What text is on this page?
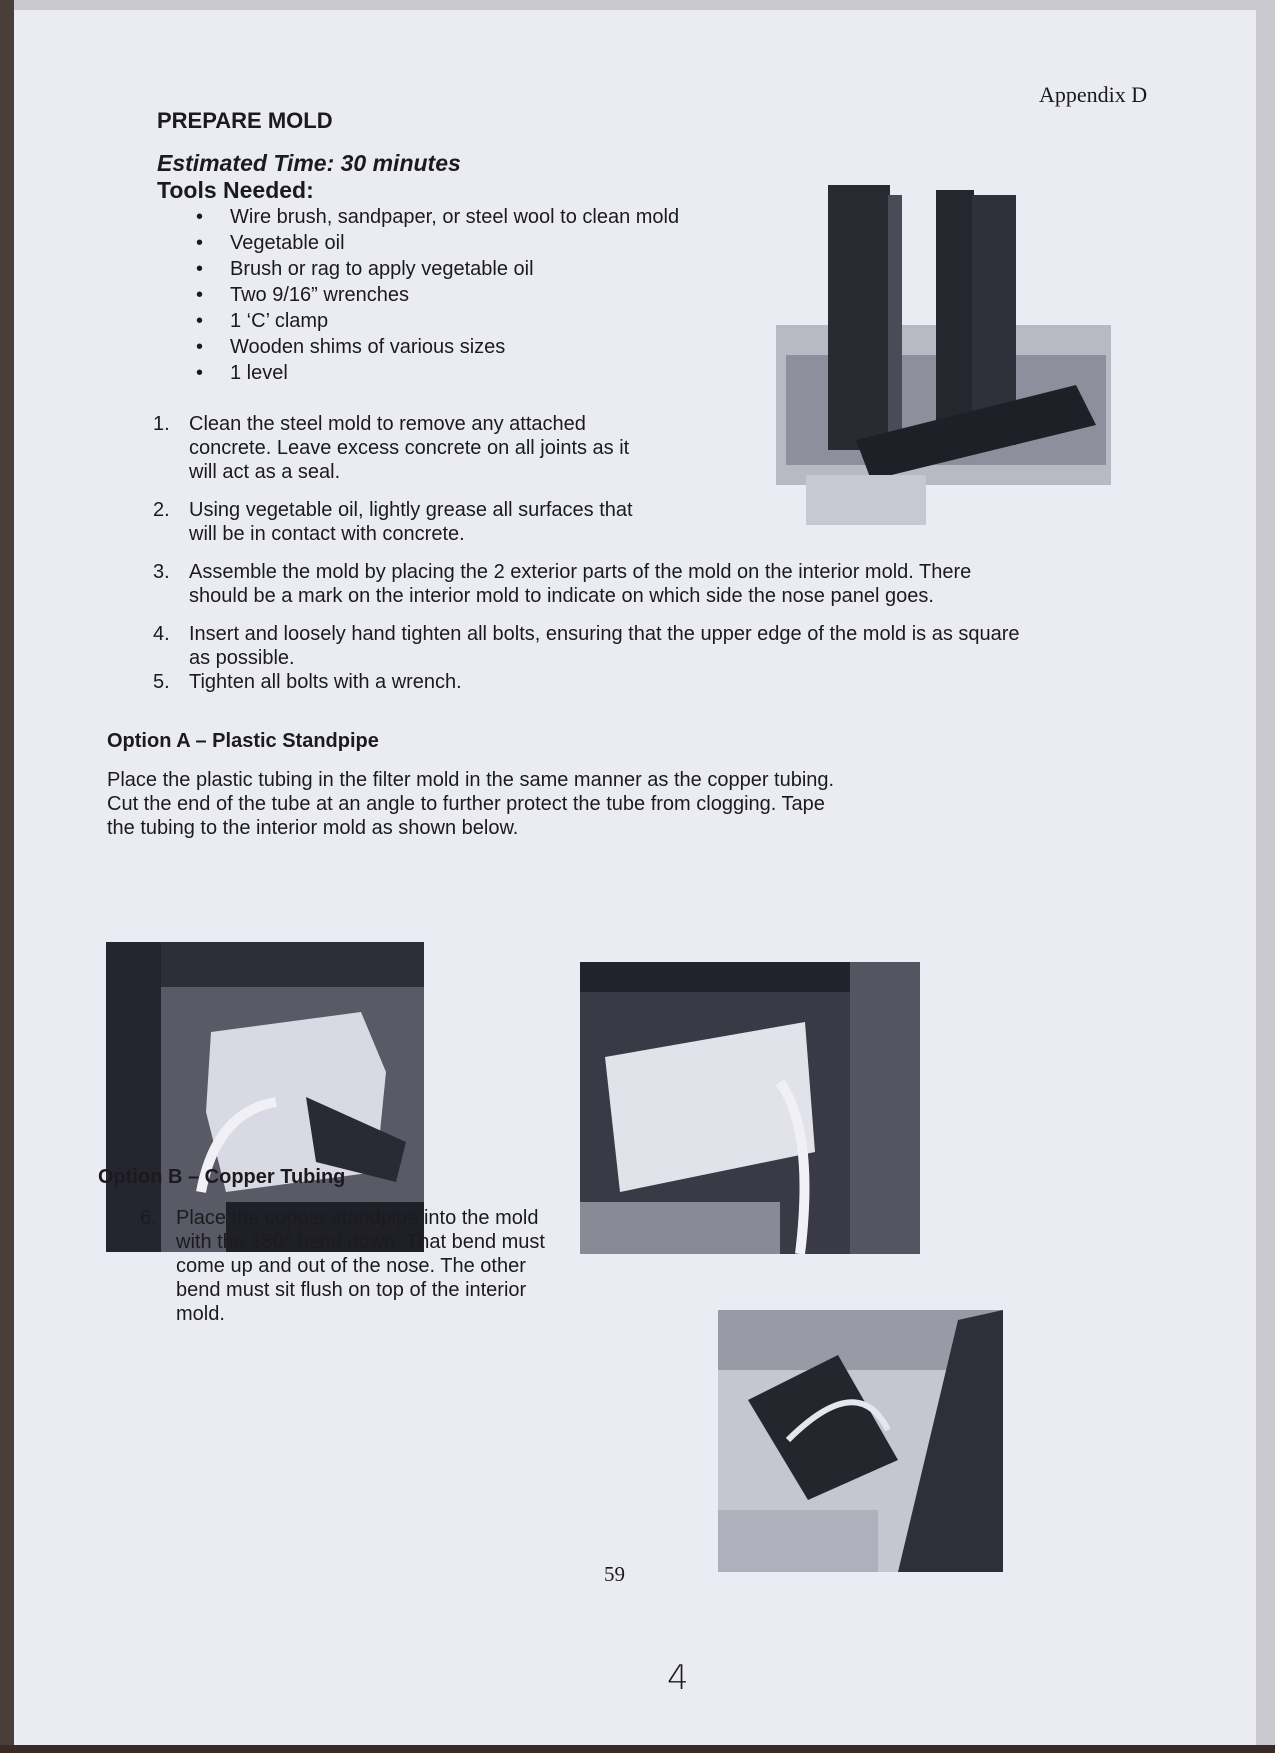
Appendix D
PREPARE MOLD
Estimated Time: 30 minutes
Tools Needed:
• Wire brush, sandpaper, or steel wool to clean mold
• Vegetable oil
• Brush or rag to apply vegetable oil
• Two 9/16” wrenches
• 1 ‘C’ clamp
• Wooden shims of various sizes
• 1 level
1. Clean the steel mold to remove any attached
concrete. Leave excess concrete on all joints as it
will act as a seal.
2. Using vegetable oil, lightly grease all surfaces that
will be in contact with concrete.
3. Assemble the mold by placing the 2 exterior parts of the mold on the interior mold. There
should be a mark on the interior mold to indicate on which side the nose panel goes.
4. Insert and loosely hand tighten all bolts, ensuring that the upper edge of the mold is as square
as possible.
5. Tighten all bolts with a wrench.
Option A – Plastic Standpipe
Place the plastic tubing in the filter mold in the same manner as the copper tubing.
Cut the end of the tube at an angle to further protect the tube from clogging. Tape
the tubing to the interior mold as shown below.
Option B – Copper Tubing
6. Place the copper standpipe into the mold
with the 180° bend down. That bend must
come up and out of the nose. The other
bend must sit flush on top of the interior
mold.
59
4
